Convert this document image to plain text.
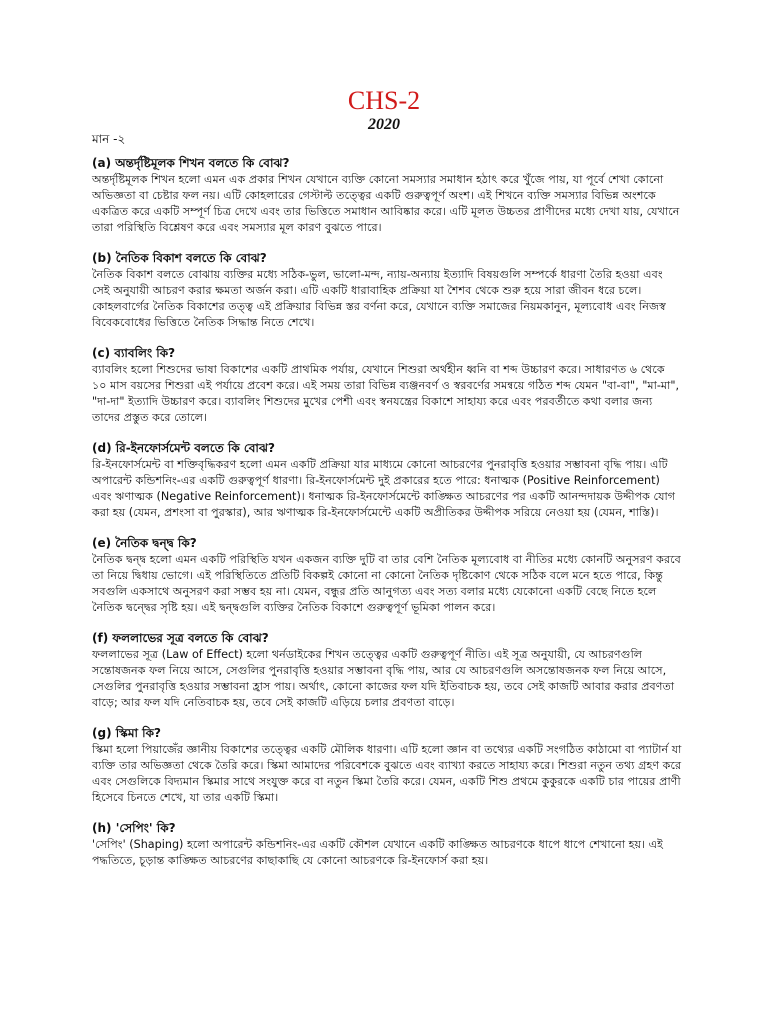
CHS-2
2020
মান -২
(a) অন্তর্দৃষ্টিমূলক শিখন বলতে কি বোঝ?
অন্তর্দৃষ্টিমূলক শিখন হলো এমন এক প্রকার শিখন যেখানে ব্যক্তি কোনো সমস্যার সমাধান হঠাৎ করে খুঁজে পায়, যা পূর্বে শেখা কোনো অভিজ্ঞতা বা চেষ্টার ফল নয়। এটি কোহলারের গেস্টাল্ট তত্ত্বের একটি গুরুত্বপূর্ণ অংশ। এই শিখনে ব্যক্তি সমস্যার বিভিন্ন অংশকে একত্রিত করে একটি সম্পূর্ণ চিত্র দেখে এবং তার ভিত্তিতে সমাধান আবিষ্কার করে। এটি মূলত উচ্চতর প্রাণীদের মধ্যে দেখা যায়, যেখানে তারা পরিস্থিতি বিশ্লেষণ করে এবং সমস্যার মূল কারণ বুঝতে পারে।
(b) নৈতিক বিকাশ বলতে কি বোঝ?
নৈতিক বিকাশ বলতে বোঝায় ব্যক্তির মধ্যে সঠিক-ভুল, ভালো-মন্দ, ন্যায়-অন্যায় ইত্যাদি বিষয়গুলি সম্পর্কে ধারণা তৈরি হওয়া এবং সেই অনুযায়ী আচরণ করার ক্ষমতা অর্জন করা। এটি একটি ধারাবাহিক প্রক্রিয়া যা শৈশব থেকে শুরু হয়ে সারা জীবন ধরে চলে। কোহলবার্গের নৈতিক বিকাশের তত্ত্ব এই প্রক্রিয়ার বিভিন্ন স্তর বর্ণনা করে, যেখানে ব্যক্তি সমাজের নিয়মকানুন, মূল্যবোধ এবং নিজস্ব বিবেকবোধের ভিত্তিতে নৈতিক সিদ্ধান্ত নিতে শেখে।
(c) ব্যাবলিং কি?
ব্যাবলিং হলো শিশুদের ভাষা বিকাশের একটি প্রাথমিক পর্যায়, যেখানে শিশুরা অর্থহীন ধ্বনি বা শব্দ উচ্চারণ করে। সাধারণত ৬ থেকে ১০ মাস বয়সের শিশুরা এই পর্যায়ে প্রবেশ করে। এই সময় তারা বিভিন্ন ব্যঞ্জনবর্ণ ও স্বরবর্ণের সমন্বয়ে গঠিত শব্দ যেমন "বা-বা", "মা-মা", "দা-দা" ইত্যাদি উচ্চারণ করে। ব্যাবলিং শিশুদের মুখের পেশী এবং স্বনযন্ত্রের বিকাশে সাহায্য করে এবং পরবর্তীতে কথা বলার জন্য তাদের প্রস্তুত করে তোলে।
(d) রি-ইনফোর্সমেন্ট বলতে কি বোঝ?
রি-ইনফোর্সমেন্ট বা শক্তিবৃদ্ধিকরণ হলো এমন একটি প্রক্রিয়া যার মাধ্যমে কোনো আচরণের পুনরাবৃত্তি হওয়ার সম্ভাবনা বৃদ্ধি পায়। এটি অপারেন্ট কন্ডিশনিং-এর একটি গুরুত্বপূর্ণ ধারণা। রি-ইনফোর্সমেন্ট দুই প্রকারের হতে পারে: ধনাত্মক (Positive Reinforcement) এবং ঋণাত্মক (Negative Reinforcement)। ধনাত্মক রি-ইনফোর্সমেন্টে কাঙ্ক্ষিত আচরণের পর একটি আনন্দদায়ক উদ্দীপক যোগ করা হয় (যেমন, প্রশংসা বা পুরস্কার), আর ঋণাত্মক রি-ইনফোর্সমেন্টে একটি অপ্রীতিকর উদ্দীপক সরিয়ে নেওয়া হয় (যেমন, শাস্তি)।
(e) নৈতিক দ্বন্দ্ব কি?
নৈতিক দ্বন্দ্ব হলো এমন একটি পরিস্থিতি যখন একজন ব্যক্তি দুটি বা তার বেশি নৈতিক মূল্যবোধ বা নীতির মধ্যে কোনটি অনুসরণ করবে তা নিয়ে দ্বিধায় ভোগে। এই পরিস্থিতিতে প্রতিটি বিকল্পই কোনো না কোনো নৈতিক দৃষ্টিকোণ থেকে সঠিক বলে মনে হতে পারে, কিন্তু সবগুলি একসাথে অনুসরণ করা সম্ভব হয় না। যেমন, বন্ধুর প্রতি আনুগত্য এবং সত্য বলার মধ্যে যেকোনো একটি বেছে নিতে হলে নৈতিক দ্বন্দ্বের সৃষ্টি হয়। এই দ্বন্দ্বগুলি ব্যক্তির নৈতিক বিকাশে গুরুত্বপূর্ণ ভূমিকা পালন করে।
(f) ফললাভের সূত্র বলতে কি বোঝ?
ফললাভের সূত্র (Law of Effect) হলো থর্নডাইকের শিখন তত্ত্বের একটি গুরুত্বপূর্ণ নীতি। এই সূত্র অনুযায়ী, যে আচরণগুলি সন্তোষজনক ফল নিয়ে আসে, সেগুলির পুনরাবৃত্তি হওয়ার সম্ভাবনা বৃদ্ধি পায়, আর যে আচরণগুলি অসন্তোষজনক ফল নিয়ে আসে, সেগুলির পুনরাবৃত্তি হওয়ার সম্ভাবনা হ্রাস পায়। অর্থাৎ, কোনো কাজের ফল যদি ইতিবাচক হয়, তবে সেই কাজটি আবার করার প্রবণতা বাড়ে; আর ফল যদি নেতিবাচক হয়, তবে সেই কাজটি এড়িয়ে চলার প্রবণতা বাড়ে।
(g) স্কিমা কি?
স্কিমা হলো পিয়াজেঁর জ্ঞানীয় বিকাশের তত্ত্বের একটি মৌলিক ধারণা। এটি হলো জ্ঞান বা তথ্যের একটি সংগঠিত কাঠামো বা প্যাটার্ন যা ব্যক্তি তার অভিজ্ঞতা থেকে তৈরি করে। স্কিমা আমাদের পরিবেশকে বুঝতে এবং ব্যাখ্যা করতে সাহায্য করে। শিশুরা নতুন তথ্য গ্রহণ করে এবং সেগুলিকে বিদ্যমান স্কিমার সাথে সংযুক্ত করে বা নতুন স্কিমা তৈরি করে। যেমন, একটি শিশু প্রথমে কুকুরকে একটি চার পায়ের প্রাণী হিসেবে চিনতে শেখে, যা তার একটি স্কিমা।
(h) 'সেপিং' কি?
'সেপিং' (Shaping) হলো অপারেন্ট কন্ডিশনিং-এর একটি কৌশল যেখানে একটি কাঙ্ক্ষিত আচরণকে ধাপে ধাপে শেখানো হয়। এই পদ্ধতিতে, চূড়ান্ত কাঙ্ক্ষিত আচরণের কাছাকাছি যে কোনো আচরণকে রি-ইনফোর্স করা হয়।
